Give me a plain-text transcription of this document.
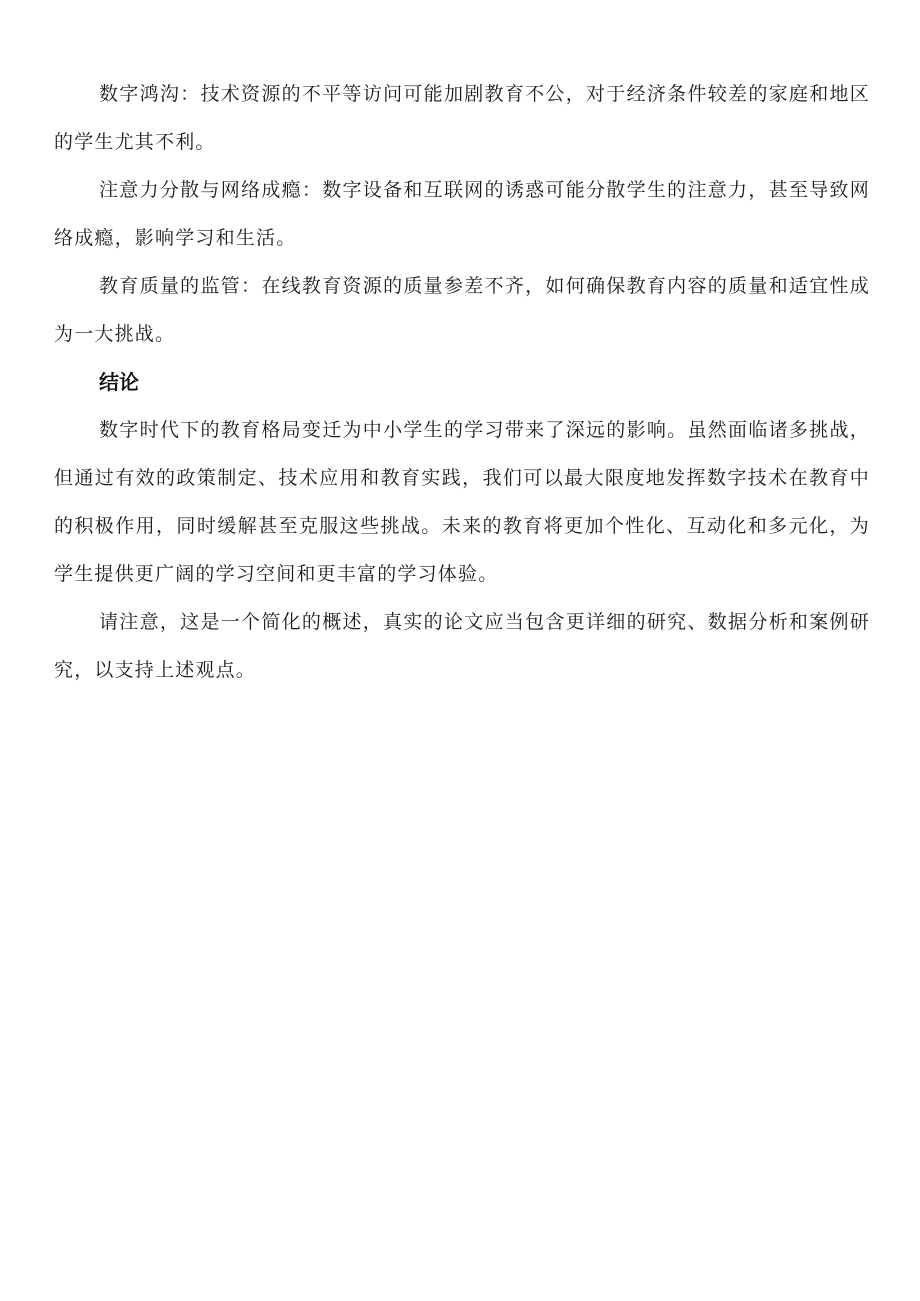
数字鸿沟：技术资源的不平等访问可能加剧教育不公，对于经济条件较差的家庭和地区的学生尤其不利。

注意力分散与网络成瘾：数字设备和互联网的诱惑可能分散学生的注意力，甚至导致网络成瘾，影响学习和生活。

教育质量的监管：在线教育资源的质量参差不齐，如何确保教育内容的质量和适宜性成为一大挑战。

结论

数字时代下的教育格局变迁为中小学生的学习带来了深远的影响。虽然面临诸多挑战，但通过有效的政策制定、技术应用和教育实践，我们可以最大限度地发挥数字技术在教育中的积极作用，同时缓解甚至克服这些挑战。未来的教育将更加个性化、互动化和多元化，为学生提供更广阔的学习空间和更丰富的学习体验。

请注意，这是一个简化的概述，真实的论文应当包含更详细的研究、数据分析和案例研究，以支持上述观点。
